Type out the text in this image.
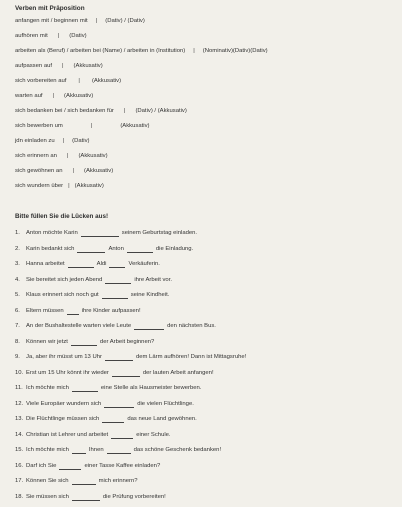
Verben mit Präposition
anfangen mit / beginnen mit | (Dativ) / (Dativ)
aufhören mit | (Dativ)
arbeiten als (Beruf) / arbeiten bei (Name) / arbeiten in (Institution) | (Nominativ)(Dativ)(Dativ)
aufpassen auf | (Akkusativ)
sich vorbereiten auf | (Akkusativ)
warten auf | (Akkusativ)
sich bedanken bei / sich bedanken für | (Dativ) / (Akkusativ)
sich bewerben um	|	(Akkusativ)
jdn einladen zu | (Dativ)
sich erinnern an | (Akkusativ)
sich gewöhnen an | (Akkusativ)
sich wundern über | (Akkusativ)
Bitte füllen Sie die Lücken aus!
1. Anton möchte Karin	seinem Geburtstag einladen.
2. Karin bedankt sich	Anton	die Einladung.
3. Hanna arbeitet	Aldi	Verkäuferin.
4. Sie bereitet sich jeden Abend	ihre Arbeit vor.
5. Klaus erinnert sich noch gut	seine Kindheit.
6. Eltern müssen	ihre Kinder aufpassen!
7. An der Bushaltestelle warten viele Leute	den nächsten Bus.
8. Können wir jetzt	der Arbeit beginnen?
9. Ja, aber ihr müsst um 13 Uhr	dem Lärm aufhören! Dann ist Mittagsruhe!
10. Erst um 15 Uhr könnt ihr wieder	der lauten Arbeit anfangen!
11. Ich möchte mich	eine Stelle als Hausmeister bewerben.
12. Viele Europäer wundern sich	die vielen Flüchtlinge.
13. Die Flüchtlinge müssen sich	das neue Land gewöhnen.
14. Christian ist Lehrer und arbeitet	einer Schule.
15. Ich möchte mich	Ihnen	das schöne Geschenk bedanken!
16. Darf ich Sie	einer Tasse Kaffee einladen?
17. Können Sie sich	mich erinnern?
18. Sie müssen sich	die Prüfung vorbereiten!
